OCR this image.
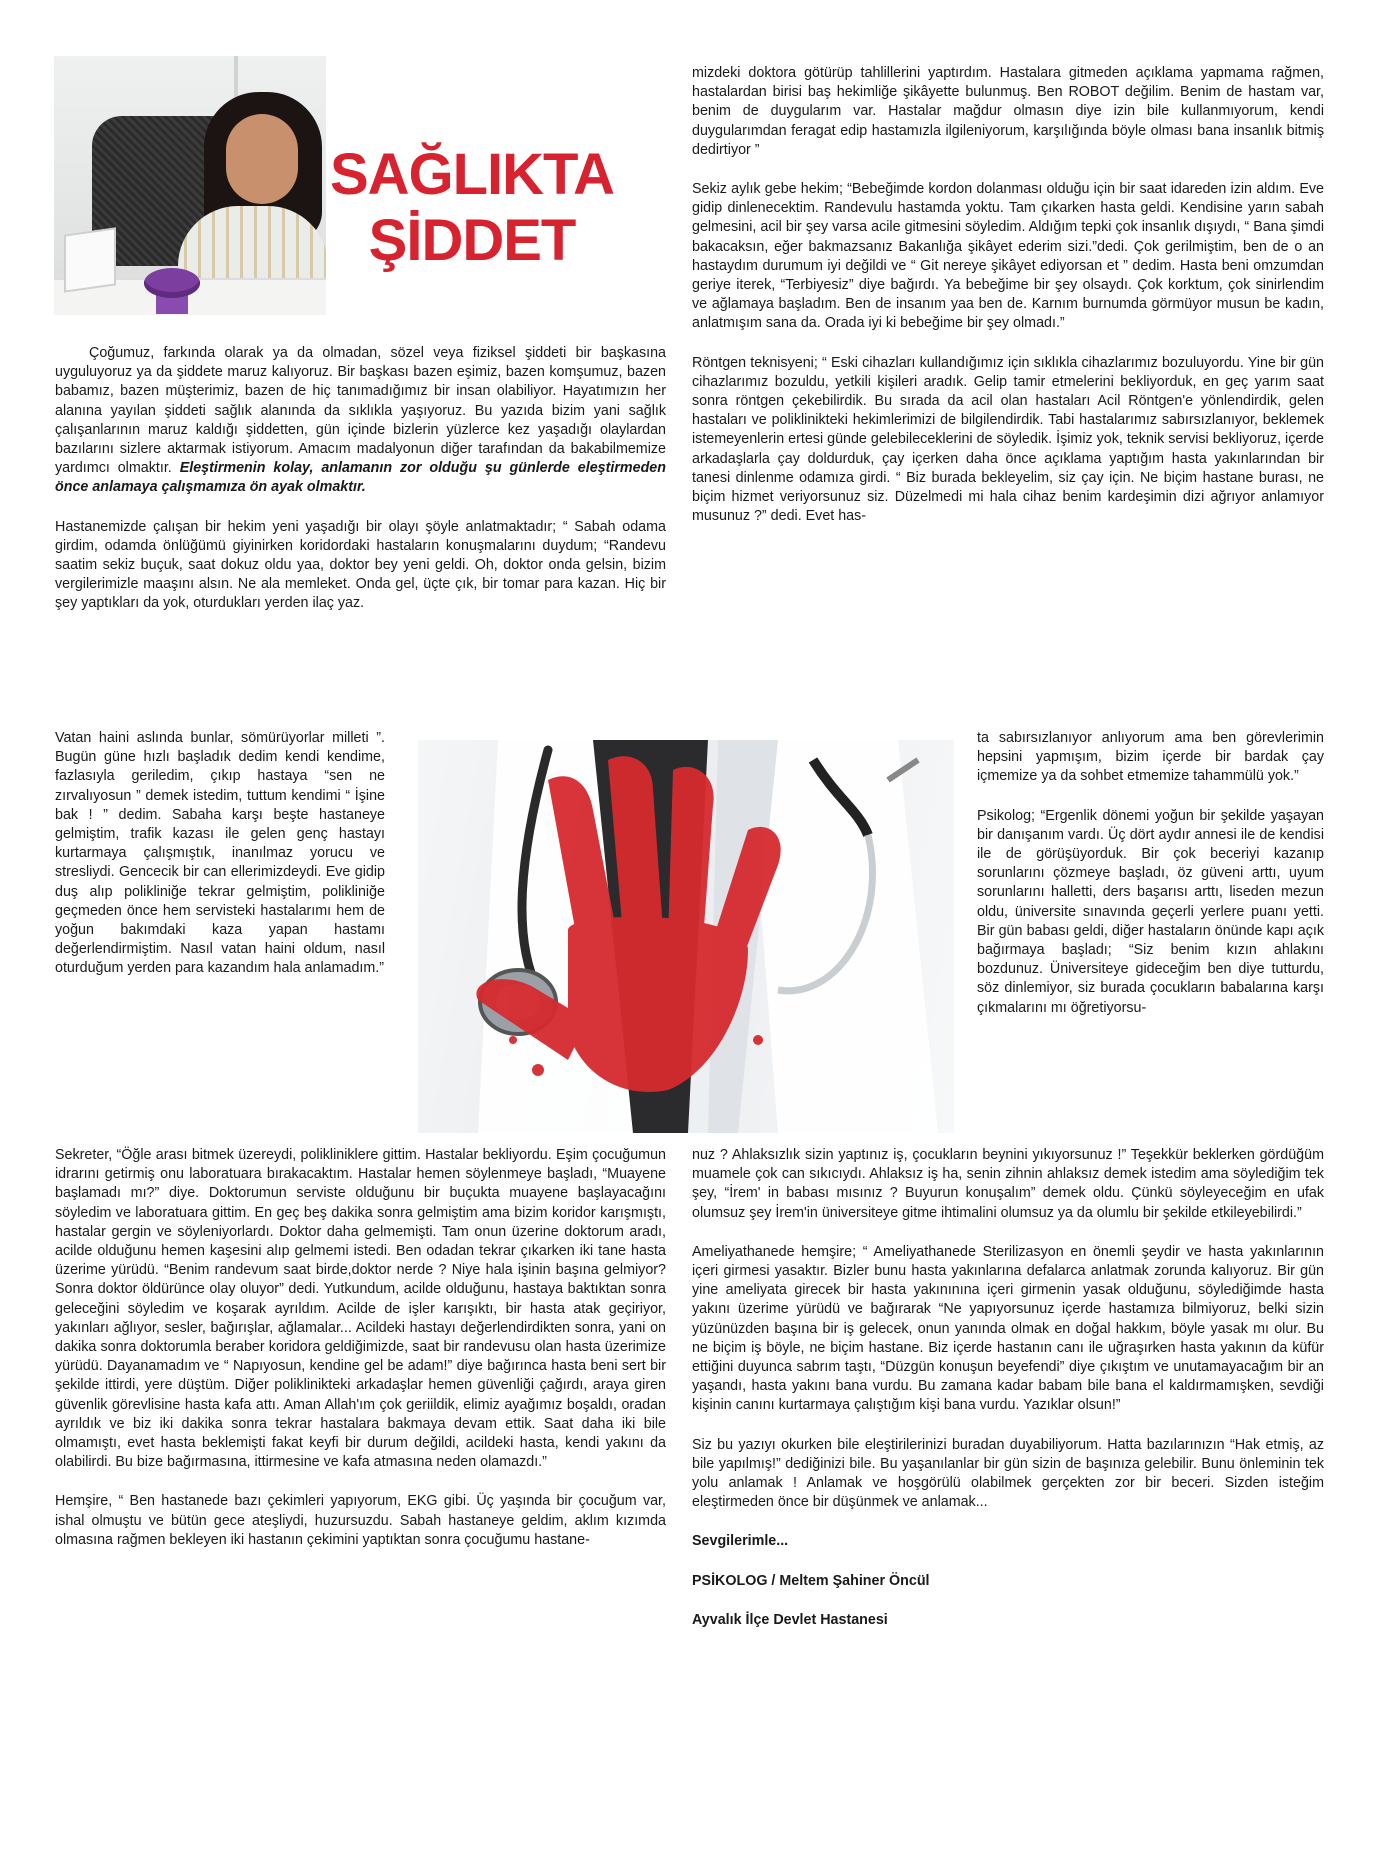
SAĞLIKTA
ŞİDDET

Çoğumuz, farkında olarak ya da olmadan, sözel veya fiziksel şiddeti bir başkasına uyguluyoruz ya da şiddete maruz kalıyoruz. Bir başkası bazen eşimiz, bazen komşumuz, bazen babamız, bazen müşterimiz, bazen de hiç tanımadığımız bir insan olabiliyor. Hayatımızın her alanına yayılan şiddeti sağlık alanında da sıklıkla yaşıyoruz. Bu yazıda bizim yani sağlık çalışanlarının maruz kaldığı şiddetten, gün içinde bizlerin yüzlerce kez yaşadığı olaylardan bazılarını sizlere aktarmak istiyorum. Amacım madalyonun diğer tarafından da bakabilmemize yardımcı olmaktır. Eleştirmenin kolay, anlamanın zor olduğu şu günlerde eleştirmeden önce anlamaya çalışmamıza ön ayak olmaktır.

Hastanemizde çalışan bir hekim yeni yaşadığı bir olayı şöyle anlatmaktadır; “ Sabah odama girdim, odamda önlüğümü giyinirken koridordaki hastaların konuşmalarını duydum; “Randevu saatim sekiz buçuk, saat dokuz oldu yaa, doktor bey yeni geldi. Oh, doktor onda gelsin, bizim vergilerimizle maaşını alsın. Ne ala memleket. Onda gel, üçte çık, bir tomar para kazan. Hiç bir şey yaptıkları da yok, oturdukları yerden ilaç yaz.

Vatan haini aslında bunlar, sömürüyorlar milleti ”. Bugün güne hızlı başladık dedim kendi kendime, fazlasıyla geriledim, çıkıp hastaya “sen ne zırvalıyosun ” demek istedim, tuttum kendimi “ İşine bak ! ” dedim. Sabaha karşı beşte hastaneye gelmiştim, trafik kazası ile gelen genç hastayı kurtarmaya çalışmıştık, inanılmaz yorucu ve stresliydi. Gencecik bir can ellerimizdeydi. Eve gidip duş alıp polikliniğe tekrar gelmiştim, polikliniğe geçmeden önce hem servisteki hastalarımı hem de yoğun bakımdaki kaza yapan hastamı değerlendirmiştim. Nasıl vatan haini oldum, nasıl oturduğum yerden para kazandım hala anlamadım.”

Sekreter, “Öğle arası bitmek üzereydi, polikliniklere gittim. Hastalar bekliyordu. Eşim çocuğumun idrarını getirmiş onu laboratuara bırakacaktım. Hastalar hemen söylenmeye başladı, “Muayene başlamadı mı?” diye. Doktorumun serviste olduğunu bir buçukta muayene başlayacağını söyledim ve laboratuara gittim. En geç beş dakika sonra gelmiştim ama bizim koridor karışmıştı, hastalar gergin ve söyleniyorlardı. Doktor daha gelmemişti. Tam onun üzerine doktorum aradı, acilde olduğunu hemen kaşesini alıp gelmemi istedi. Ben odadan tekrar çıkarken iki tane hasta üzerime yürüdü. “Benim randevum saat birde,doktor nerde ? Niye hala işinin başına gelmiyor? Sonra doktor öldürünce olay oluyor” dedi. Yutkundum, acilde olduğunu, hastaya baktıktan sonra geleceğini söyledim ve koşarak ayrıldım. Acilde de işler karışıktı, bir hasta atak geçiriyor, yakınları ağlıyor, sesler, bağırışlar, ağlamalar... Acildeki hastayı değerlendirdikten sonra, yani on dakika sonra doktorumla beraber koridora geldiğimizde, saat bir randevusu olan hasta üzerimize yürüdü. Dayanamadım ve “ Napıyosun, kendine gel be adam!” diye bağırınca hasta beni sert bir şekilde ittirdi, yere düştüm. Diğer poliklinikteki arkadaşlar hemen güvenliği çağırdı, araya giren güvenlik görevlisine hasta kafa attı. Aman Allah'ım çok geriildik, elimiz ayağımız boşaldı, oradan ayrıldık ve biz iki dakika sonra tekrar hastalara bakmaya devam ettik. Saat daha iki bile olmamıştı, evet hasta beklemişti fakat keyfi bir durum değildi, acildeki hasta, kendi yakını da olabilirdi. Bu bize bağırmasına, ittirmesine ve kafa atmasına neden olamazdı.”

Hemşire, “ Ben hastanede bazı çekimleri yapıyorum, EKG gibi. Üç yaşında bir çocuğum var, ishal olmuştu ve bütün gece ateşliydi, huzursuzdu. Sabah hastaneye geldim, aklım kızımda olmasına rağmen bekleyen iki hastanın çekimini yaptıktan sonra çocuğumu hastane-

mizdeki doktora götürüp tahlillerini yaptırdım. Hastalara gitmeden açıklama yapmama rağmen, hastalardan birisi baş hekimliğe şikâyette bulunmuş. Ben ROBOT değilim. Benim de hastam var, benim de duygularım var. Hastalar mağdur olmasın diye izin bile kullanmıyorum, kendi duygularımdan feragat edip hastamızla ilgileniyorum, karşılığında böyle olması bana insanlık bitmiş dedirtiyor ”

Sekiz aylık gebe hekim; “Bebeğimde kordon dolanması olduğu için bir saat idareden izin aldım. Eve gidip dinlenecektim. Randevulu hastamda yoktu. Tam çıkarken hasta geldi. Kendisine yarın sabah gelmesini, acil bir şey varsa acile gitmesini söyledim. Aldığım tepki çok insanlık dışıydı, “ Bana şimdi bakacaksın, eğer bakmazsanız Bakanlığa şikâyet ederim sizi.”dedi. Çok gerilmiştim, ben de o an hastaydım durumum iyi değildi ve “ Git nereye şikâyet ediyorsan et ” dedim. Hasta beni omzumdan geriye iterek, “Terbiyesiz” diye bağırdı. Ya bebeğime bir şey olsaydı. Çok korktum, çok sinirlendim ve ağlamaya başladım. Ben de insanım yaa ben de. Karnım burnumda görmüyor musun be kadın, anlatmışım sana da. Orada iyi ki bebeğime bir şey olmadı.”

Röntgen teknisyeni; “ Eski cihazları kullandığımız için sıklıkla cihazlarımız bozuluyordu. Yine bir gün cihazlarımız bozuldu, yetkili kişileri aradık. Gelip tamir etmelerini bekliyorduk, en geç yarım saat sonra röntgen çekebilirdik. Bu sırada da acil olan hastaları Acil Röntgen'e yönlendirdik, gelen hastaları ve poliklinikteki hekimlerimizi de bilgilendirdik. Tabi hastalarımız sabırsızlanıyor, beklemek istemeyenlerin ertesi günde gelebileceklerini de söyledik. İşimiz yok, teknik servisi bekliyoruz, içerde arkadaşlarla çay doldurduk, çay içerken daha önce açıklama yaptığım hasta yakınlarından bir tanesi dinlenme odamıza girdi. “ Biz burada bekleyelim, siz çay için. Ne biçim hastane burası, ne biçim hizmet veriyorsunuz siz. Düzelmedi mi hala cihaz benim kardeşimin dizi ağrıyor anlamıyor musunuz ?” dedi. Evet has-

ta sabırsızlanıyor anlıyorum ama ben görevlerimin hepsini yapmışım, bizim içerde bir bardak çay içmemize ya da sohbet etmemize tahammülü yok.”

Psikolog; “Ergenlik dönemi yoğun bir şekilde yaşayan bir danışanım vardı. Üç dört aydır annesi ile de kendisi ile de görüşüyorduk. Bir çok beceriyi kazanıp sorunlarını çözmeye başladı, öz güveni arttı, uyum sorunlarını halletti, ders başarısı arttı, liseden mezun oldu, üniversite sınavında geçerli yerlere puanı yetti. Bir gün babası geldi, diğer hastaların önünde kapı açık bağırmaya başladı; “Siz benim kızın ahlakını bozdunuz. Üniversiteye gideceğim ben diye tutturdu, söz dinlemiyor, siz burada çocukların babalarına karşı çıkmalarını mı öğretiyorsu-

nuz ? Ahlaksızlık sizin yaptınız iş, çocukların beynini yıkıyorsunuz !” Teşekkür beklerken gördüğüm muamele çok can sıkıcıydı. Ahlaksız iş ha, senin zihnin ahlaksız demek istedim ama söylediğim tek şey, “İrem' in babası mısınız ? Buyurun konuşalım” demek oldu. Çünkü söyleyeceğim en ufak olumsuz şey İrem'in üniversiteye gitme ihtimalini olumsuz ya da olumlu bir şekilde etkileyebilirdi.”

Ameliyathanede hemşire; “ Ameliyathanede Sterilizasyon en önemli şeydir ve hasta yakınlarının içeri girmesi yasaktır. Bizler bunu hasta yakınlarına defalarca anlatmak zorunda kalıyoruz. Bir gün yine ameliyata girecek bir hasta yakınınına içeri girmenin yasak olduğunu, söylediğimde hasta yakını üzerime yürüdü ve bağırarak “Ne yapıyorsunuz içerde hastamıza bilmiyoruz, belki sizin yüzünüzden başına bir iş gelecek, onun yanında olmak en doğal hakkım, böyle yasak mı olur. Bu ne biçim iş böyle, ne biçim hastane. Biz içerde hastanın canı ile uğraşırken hasta yakının da küfür ettiğini duyunca sabrım taştı, “Düzgün konuşun beyefendi” diye çıkıştım ve unutamayacağım bir an yaşandı, hasta yakını bana vurdu. Bu zamana kadar babam bile bana el kaldırmamışken, sevdiği kişinin canını kurtarmaya çalıştığım kişi bana vurdu. Yazıklar olsun!”

Siz bu yazıyı okurken bile eleştirilerinizi buradan duyabiliyorum. Hatta bazılarınızın “Hak etmiş, az bile yapılmış!” dediğinizi bile. Bu yaşanılanlar bir gün sizin de başınıza gelebilir. Bunu önleminin tek yolu anlamak ! Anlamak ve hoşgörülü olabilmek gerçekten zor bir beceri. Sizden isteğim eleştirmeden önce bir düşünmek ve anlamak...

Sevgilerimle...

PSİKOLOG / Meltem Şahiner Öncül

Ayvalık İlçe Devlet Hastanesi
